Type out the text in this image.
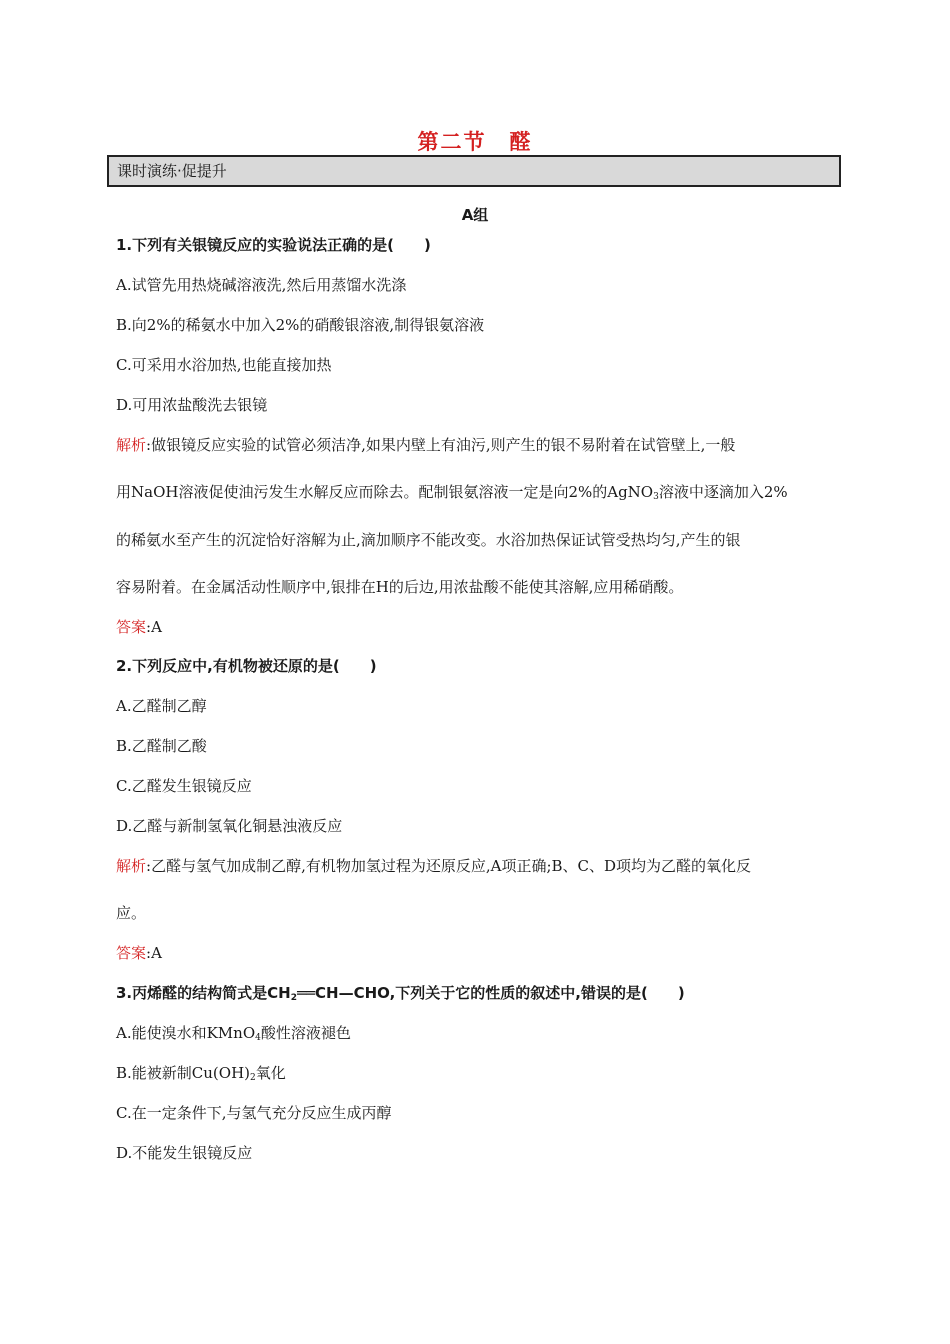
第二节　醛
课时演练·促提升
A组
1.下列有关银镜反应的实验说法正确的是(　　)
A.试管先用热烧碱溶液洗,然后用蒸馏水洗涤
B.向2%的稀氨水中加入2%的硝酸银溶液,制得银氨溶液
C.可采用水浴加热,也能直接加热
D.可用浓盐酸洗去银镜
解析:做银镜反应实验的试管必须洁净,如果内壁上有油污,则产生的银不易附着在试管壁上,一般
用NaOH溶液促使油污发生水解反应而除去。配制银氨溶液一定是向2%的AgNO$_3$溶液中逐滴加入2%
的稀氨水至产生的沉淀恰好溶解为止,滴加顺序不能改变。水浴加热保证试管受热均匀,产生的银
容易附着。在金属活动性顺序中,银排在H的后边,用浓盐酸不能使其溶解,应用稀硝酸。
答案:A
2.下列反应中,有机物被还原的是(　　)
A.乙醛制乙醇
B.乙醛制乙酸
C.乙醛发生银镜反应
D.乙醛与新制氢氧化铜悬浊液反应
解析:乙醛与氢气加成制乙醇,有机物加氢过程为还原反应,A项正确;B、C、D项均为乙醛的氧化反
应。
答案:A
3.丙烯醛的结构简式是$CH_2══CH—CHO$,下列关于它的性质的叙述中,错误的是(　　)
A.能使溴水和KMnO$_4$酸性溶液褪色
B.能被新制$Cu(OH)_2$氧化
C.在一定条件下,与氢气充分反应生成丙醇
D.不能发生银镜反应
